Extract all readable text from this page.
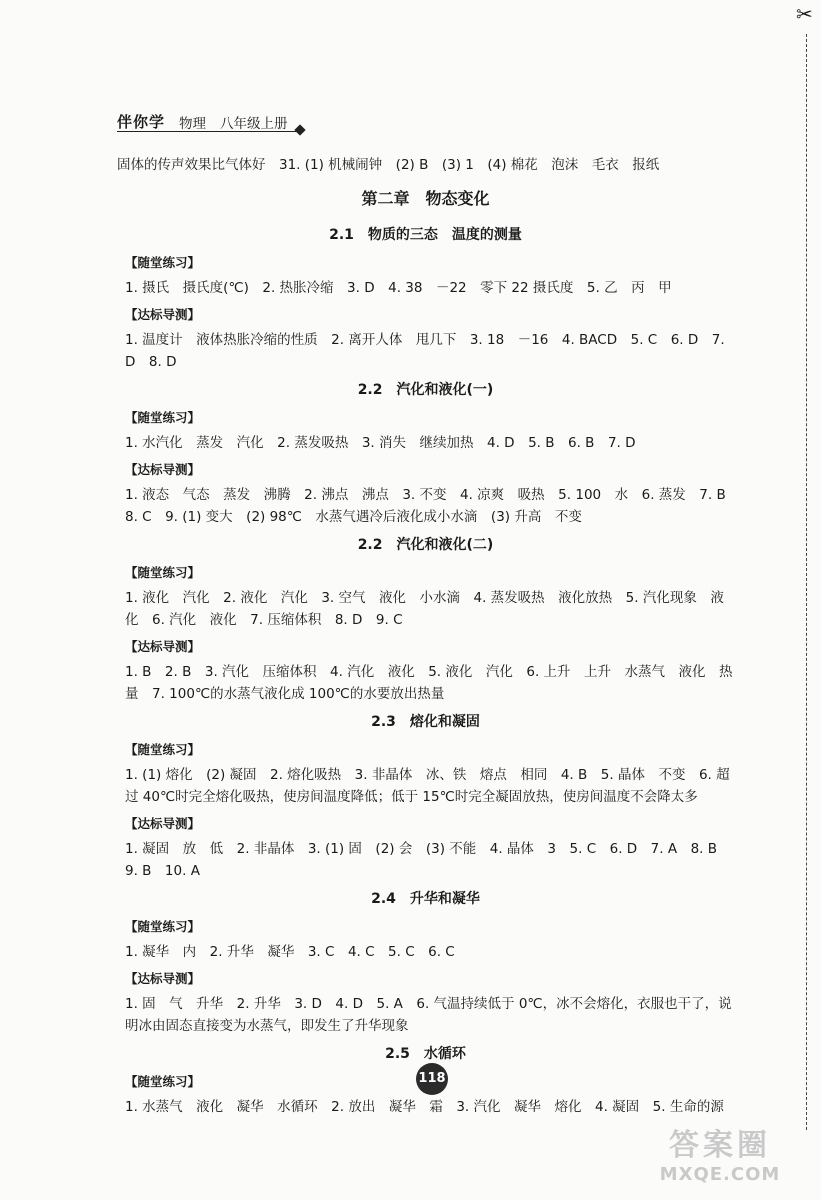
✂
伴你学 物理 八年级上册

固体的传声效果比气体好　31. (1) 机械闹钟　(2) B　(3) 1　(4) 棉花　泡沫　毛衣　报纸

第二章　物态变化
2.1　物质的三态　温度的测量
【随堂练习】

1. 摄氏　摄氏度(℃)　2. 热胀冷缩　3. D　4. 38　－22　零下 22 摄氏度　5. 乙　丙　甲

【达标导测】

1. 温度计　液体热胀冷缩的性质　2. 离开人体　甩几下　3. 18　－16　4. BACD　5. C　6. D　7. D　8. D

2.2　汽化和液化(一)
【随堂练习】

1. 水汽化　蒸发　汽化　2. 蒸发吸热　3. 消失　继续加热　4. D　5. B　6. B　7. D

【达标导测】

1. 液态　气态　蒸发　沸腾　2. 沸点　沸点　3. 不变　4. 凉爽　吸热　5. 100　水　6. 蒸发　7. B　8. C　9. (1) 变大　(2) 98℃　水蒸气遇冷后液化成小水滴　(3) 升高　不变

2.2　汽化和液化(二)
【随堂练习】

1. 液化　汽化　2. 液化　汽化　3. 空气　液化　小水滴　4. 蒸发吸热　液化放热　5. 汽化现象　液化　6. 汽化　液化　7. 压缩体积　8. D　9. C

【达标导测】

1. B　2. B　3. 汽化　压缩体积　4. 汽化　液化　5. 液化　汽化　6. 上升　上升　水蒸气　液化　热量　7. 100℃的水蒸气液化成 100℃的水要放出热量

2.3　熔化和凝固
【随堂练习】

1. (1) 熔化　(2) 凝固　2. 熔化吸热　3. 非晶体　冰、铁　熔点　相同　4. B　5. 晶体　不变　6. 超过 40℃时完全熔化吸热，使房间温度降低；低于 15℃时完全凝固放热，使房间温度不会降太多

【达标导测】

1. 凝固　放　低　2. 非晶体　3. (1) 固　(2) 会　(3) 不能　4. 晶体　3　5. C　6. D　7. A　8. B　9. B　10. A

2.4　升华和凝华
【随堂练习】

1. 凝华　内　2. 升华　凝华　3. C　4. C　5. C　6. C

【达标导测】

1. 固　气　升华　2. 升华　3. D　4. D　5. A　6. 气温持续低于 0℃，冰不会熔化，衣服也干了，说明冰由固态直接变为水蒸气，即发生了升华现象

2.5　水循环
【随堂练习】

1. 水蒸气　液化　凝华　水循环　2. 放出　凝华　霜　3. 汽化　凝华　熔化　4. 凝固　5. 生命的源

118
答案圈
MXQE.COM
